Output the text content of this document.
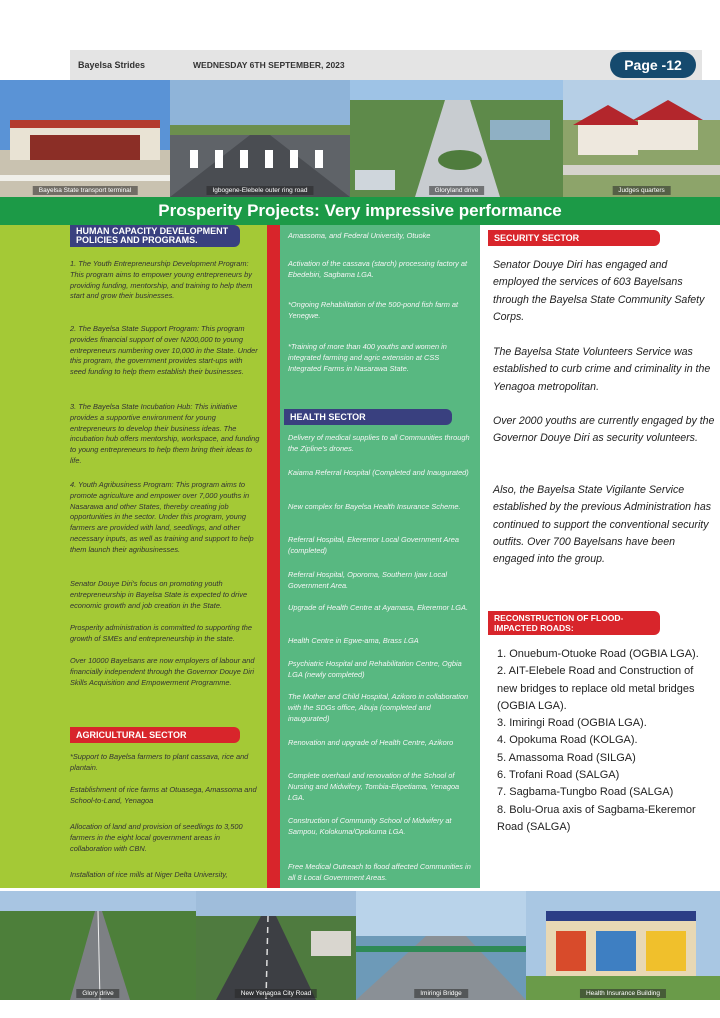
Bayelsa Strides	WEDNESDAY 6TH SEPTEMBER, 2023	Page -12
Bayelsa State transport terminal	Igbogene-Elebele outer ring road	Gloryland drive	Judges quarters
Prosperity Projects: Very impressive performance
HUMAN CAPACITY DEVELOPMENT POLICIES AND PROGRAMS.
1. The Youth Entrepreneurship Development Program: This program aims to empower young entrepreneurs by providing funding, mentorship, and training to help them start and grow their businesses.
2. The Bayelsa State Support Program: This program provides financial support of over N200,000 to young entrepreneurs numbering over 10,000 in the State. Under this program, the government provides start-ups with seed funding to help them establish their businesses.
3. The Bayelsa State Incubation Hub: This initiative provides a supportive environment for young entrepreneurs to develop their business ideas. The incubation hub offers mentorship, workspace, and funding to young entrepreneurs to help them bring their ideas to life.
4. Youth Agribusiness Program: This program aims to promote agriculture and empower over 7,000 youths in Nasarawa and other States, thereby creating job opportunities in the sector. Under this program, young farmers are provided with land, seedlings, and other necessary inputs, as well as training and support to help them launch their agribusinesses.
Senator Douye Diri's focus on promoting youth entrepreneurship in Bayelsa State is expected to drive economic growth and job creation in the State.
Prosperity administration is committed to supporting the growth of SMEs and entrepreneurship in the state.
Over 10000 Bayelsans are now employers of labour and financially independent through the Governor Douye Diri Skills Acquisition and Empowerment Programme.
AGRICULTURAL SECTOR
*Support to Bayelsa farmers to plant cassava, rice and plantain.
Establishment of rice farms at Otuasega, Amassoma and School-to-Land, Yenagoa
Allocation of land and provision of seedlings to 3,500 farmers in the eight local government areas in collaboration with CBN.
Installation of rice mills at Niger Delta University,
Amassoma, and Federal University, Otuoke
Activation of the cassava (starch) processing factory at Ebedebiri, Sagbama LGA.
*Ongoing Rehabilitation of the 500-pond fish farm at Yenegwe.
*Training of more than 400 youths and women in integrated farming and agric extension at CSS Integrated Farms in Nasarawa State.
HEALTH SECTOR
Delivery of medical supplies to all Communities through the Zipline's drones.
Kaiama Referral Hospital (Completed and Inaugurated)
New complex for Bayelsa Health Insurance Scheme.
Referral Hospital, Ekeremor Local Government Area (completed)
Referral Hospital, Oporoma, Southern Ijaw Local Government Area.
Upgrade of Health Centre at Ayamasa, Ekeremor LGA.
Health Centre in Egwe-ama, Brass LGA
Psychiatric Hospital and Rehabilitation Centre, Ogbia LGA (newly completed)
The Mother and Child Hospital, Azikoro in collaboration with the SDGs office, Abuja (completed and inaugurated)
Renovation and upgrade of Health Centre, Azikoro
Complete overhaul and renovation of the School of Nursing and Midwifery, Tombia-Ekpetiama, Yenagoa LGA.
Construction of Community School of Midwifery at Sampou, Kolokuma/Opokuma LGA.
Free Medical Outreach to flood affected Communities in all 8 Local Government Areas.
SECURITY SECTOR
Senator Douye Diri has engaged and employed the services of 603 Bayelsans through the Bayelsa State Community Safety Corps.
The Bayelsa State Volunteers Service was established to curb crime and criminality in the Yenagoa metropolitan.
Over 2000 youths are currently engaged by the Governor Douye Diri as security volunteers.
Also, the Bayelsa State Vigilante Service established by the previous Administration has continued to support the conventional security outfits. Over 700 Bayelsans have been engaged into the group.
RECONSTRUCTION OF FLOOD-IMPACTED ROADS:
1. Onuebum-Otuoke Road (OGBIA LGA).
2. AIT-Elebele Road and Construction of new bridges to replace old metal bridges (OGBIA LGA).
3. Imiringi Road (OGBIA LGA).
4. Opokuma Road (KOLGA).
5. Amassoma Road (SILGA)
6. Trofani Road (SALGA)
7. Sagbama-Tungbo Road (SALGA)
8. Bolu-Orua axis of Sagbama-Ekeremor Road (SALGA)
Glory drive	New Yenagoa City Road	Imiringi Bridge	Health Insurance Building
